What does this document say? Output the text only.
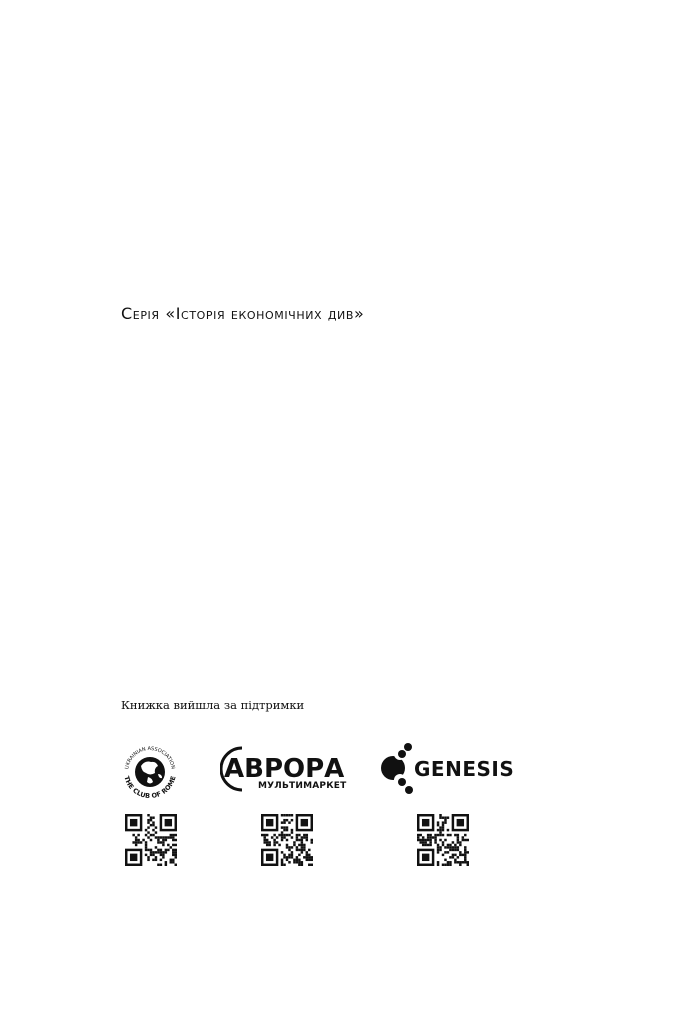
Серія «Історія економічних див»
Книжка вийшла за підтримки
UKRAINIAN ASSOCIATION
THE CLUB OF ROME АВРОРА
МУЛЬТИМАРКЕТ
GENESIS
